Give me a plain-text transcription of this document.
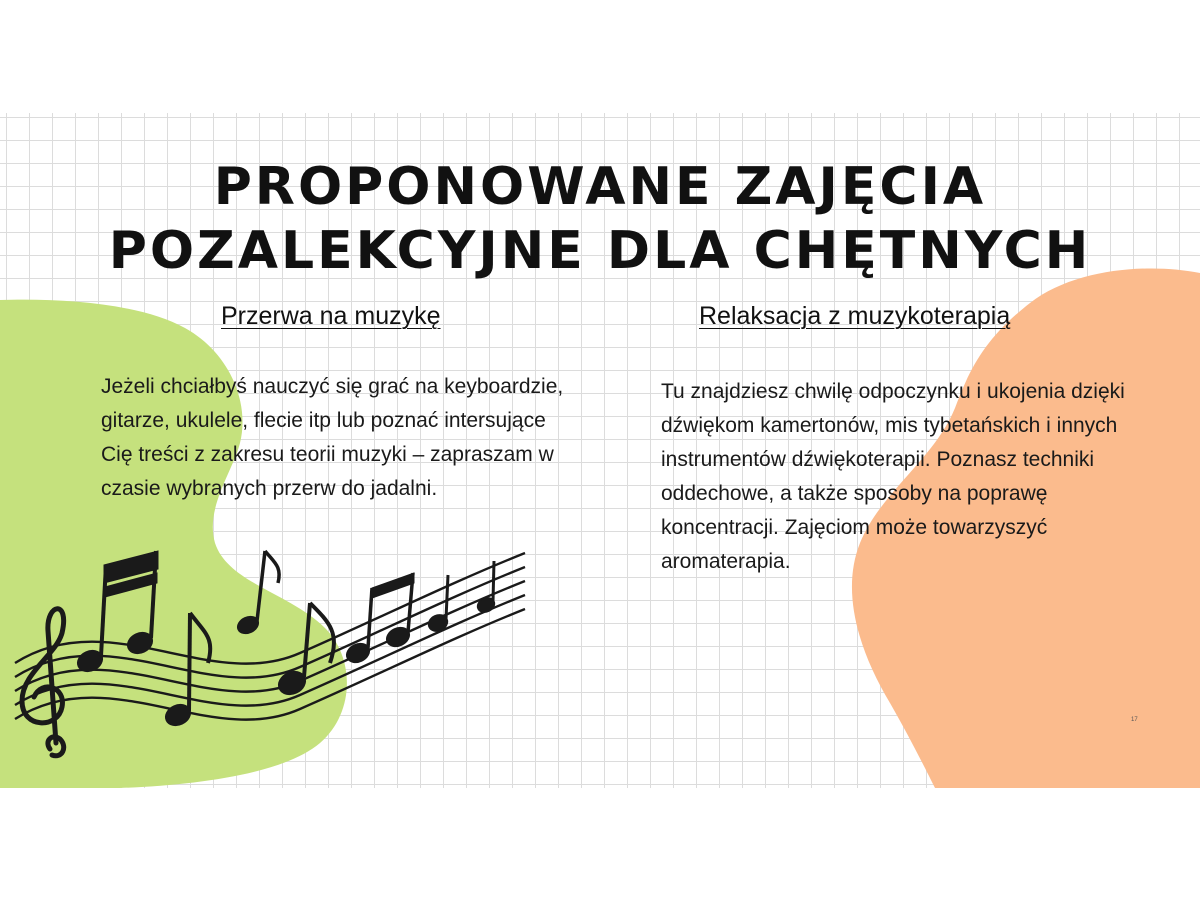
PROPONOWANE ZAJĘCIA POZALEKCYJNE DLA CHĘTNYCH
Przerwa na muzykę

Jeżeli chciałbyś nauczyć się grać na keyboardzie, gitarze, ukulele, flecie itp lub poznać intersujące Cię treści z zakresu teorii muzyki – zapraszam w czasie wybranych przerw do jadalni.

Relaksacja z muzykoterapią

Tu znajdziesz chwilę odpoczynku i ukojenia dzięki dźwiękom kamertonów, mis tybetańskich i innych instrumentów dźwiękoterapii. Poznasz techniki oddechowe, a także sposoby na poprawę koncentracji. Zajęciom może towarzyszyć aromaterapia.

17
